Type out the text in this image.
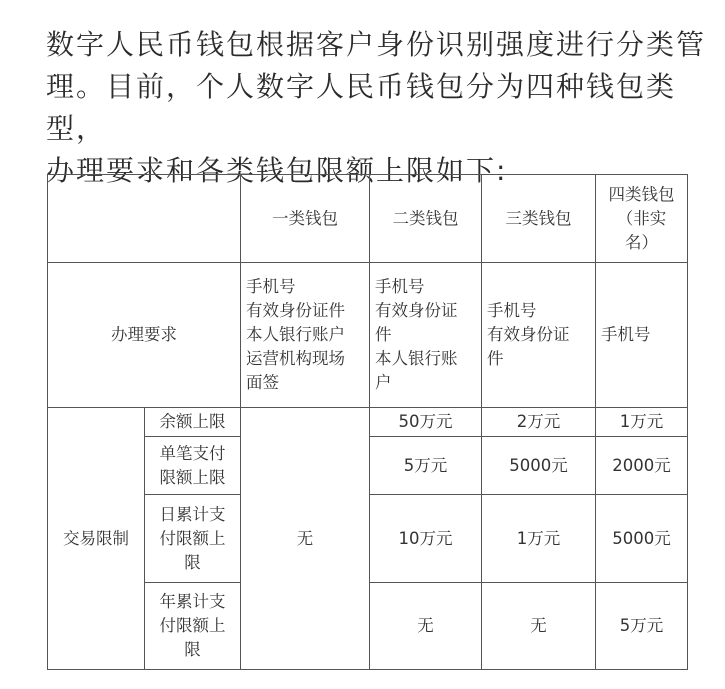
数字人民币钱包根据客户身份识别强度进行分类管

理。目前，个人数字人民币钱包分为四种钱包类型，

办理要求和各类钱包限额上限如下:

		一类钱包	二类钱包	三类钱包	四类钱包
（非实
名）

办理要求		手机号
有效身份证件
本人银行账户
运营机构现场
面签	手机号
有效身份证
件
本人银行账
户	手机号
有效身份证
件	手机号
交易限制	余额上限	无	50万元	2万元	1万元

	单笔支付
限额上限		5万元	5000元	2000元

	日累计支
付限额上
限		10万元	1万元	5000元

	年累计支
付限额上
限		无	无	5万元
